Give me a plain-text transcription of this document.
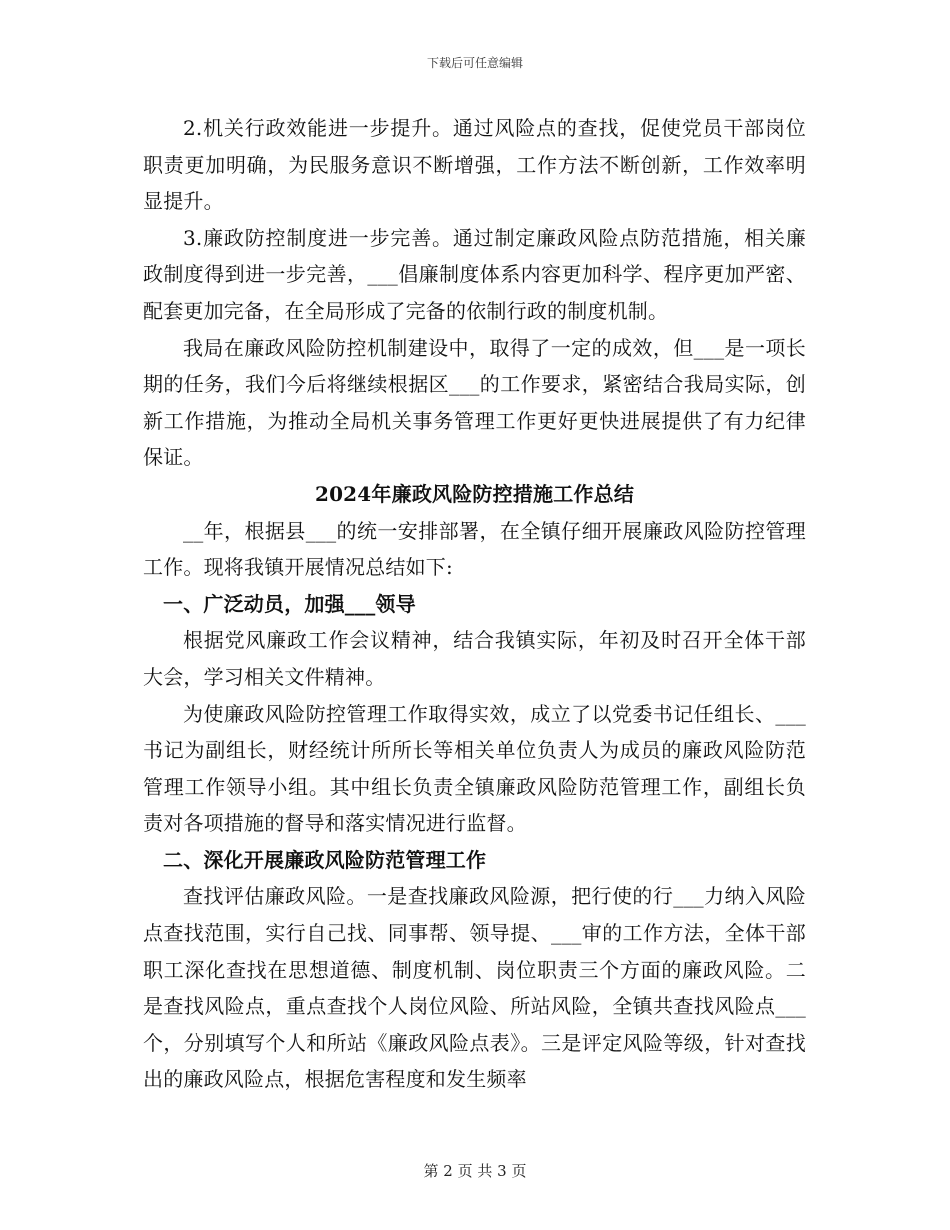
下载后可任意编辑

2.机关行政效能进一步提升。通过风险点的查找，促使党员干部岗位职责更加明确，为民服务意识不断增强，工作方法不断创新，工作效率明显提升。

3.廉政防控制度进一步完善。通过制定廉政风险点防范措施，相关廉政制度得到进一步完善，___倡廉制度体系内容更加科学、程序更加严密、配套更加完备，在全局形成了完备的依制行政的制度机制。

我局在廉政风险防控机制建设中，取得了一定的成效，但___是一项长期的任务，我们今后将继续根据区___的工作要求，紧密结合我局实际，创新工作措施，为推动全局机关事务管理工作更好更快进展提供了有力纪律保证。

2024年廉政风险防控措施工作总结

__年，根据县___的统一安排部署，在全镇仔细开展廉政风险防控管理工作。现将我镇开展情况总结如下:

一、广泛动员，加强___领导

根据党风廉政工作会议精神，结合我镇实际，年初及时召开全体干部大会，学习相关文件精神。

为使廉政风险防控管理工作取得实效，成立了以党委书记任组长、___书记为副组长，财经统计所所长等相关单位负责人为成员的廉政风险防范管理工作领导小组。其中组长负责全镇廉政风险防范管理工作，副组长负责对各项措施的督导和落实情况进行监督。

二、深化开展廉政风险防范管理工作

查找评估廉政风险。一是查找廉政风险源，把行使的行___力纳入风险点查找范围，实行自己找、同事帮、领导提、___审的工作方法，全体干部职工深化查找在思想道德、制度机制、岗位职责三个方面的廉政风险。二是查找风险点，重点查找个人岗位风险、所站风险，全镇共查找风险点___个，分别填写个人和所站《廉政风险点表》。三是评定风险等级，针对查找出的廉政风险点，根据危害程度和发生频率

第 2 页 共 3 页
